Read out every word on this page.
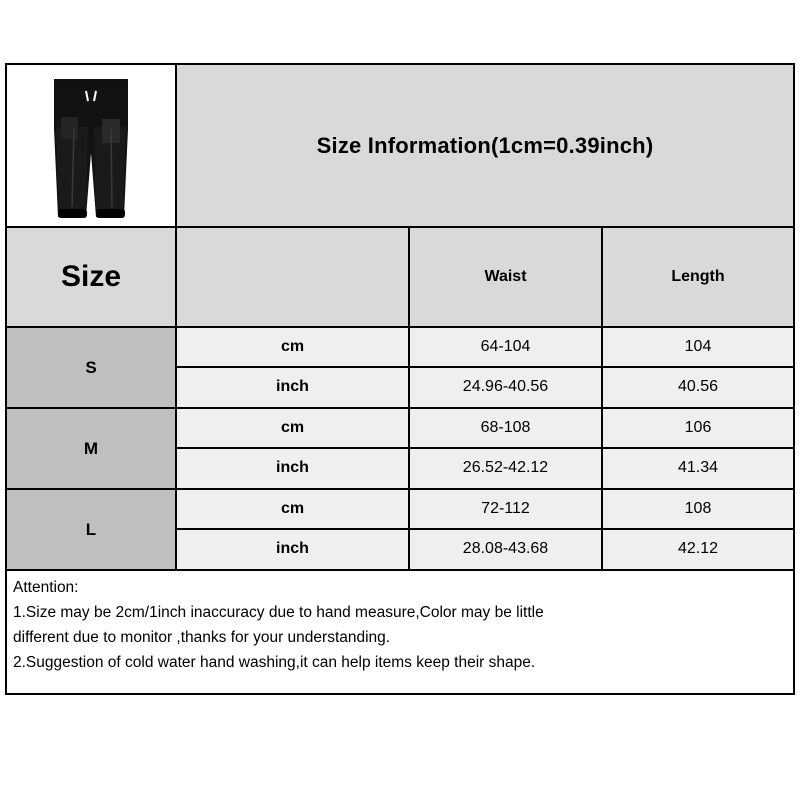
Size Information(1cm=0.39inch)
Size	Waist	Length
S
cm	64-104	104
inch	24.96-40.56	40.56
M
cm	68-108	106
inch	26.52-42.12	41.34
L
cm	72-112	108
inch	28.08-43.68	42.12
Attention:
1.Size may be 2cm/1inch inaccuracy due to hand measure,Color may be little
different due to monitor ,thanks for your understanding.
2.Suggestion of cold water hand washing,it can help items keep their shape.
